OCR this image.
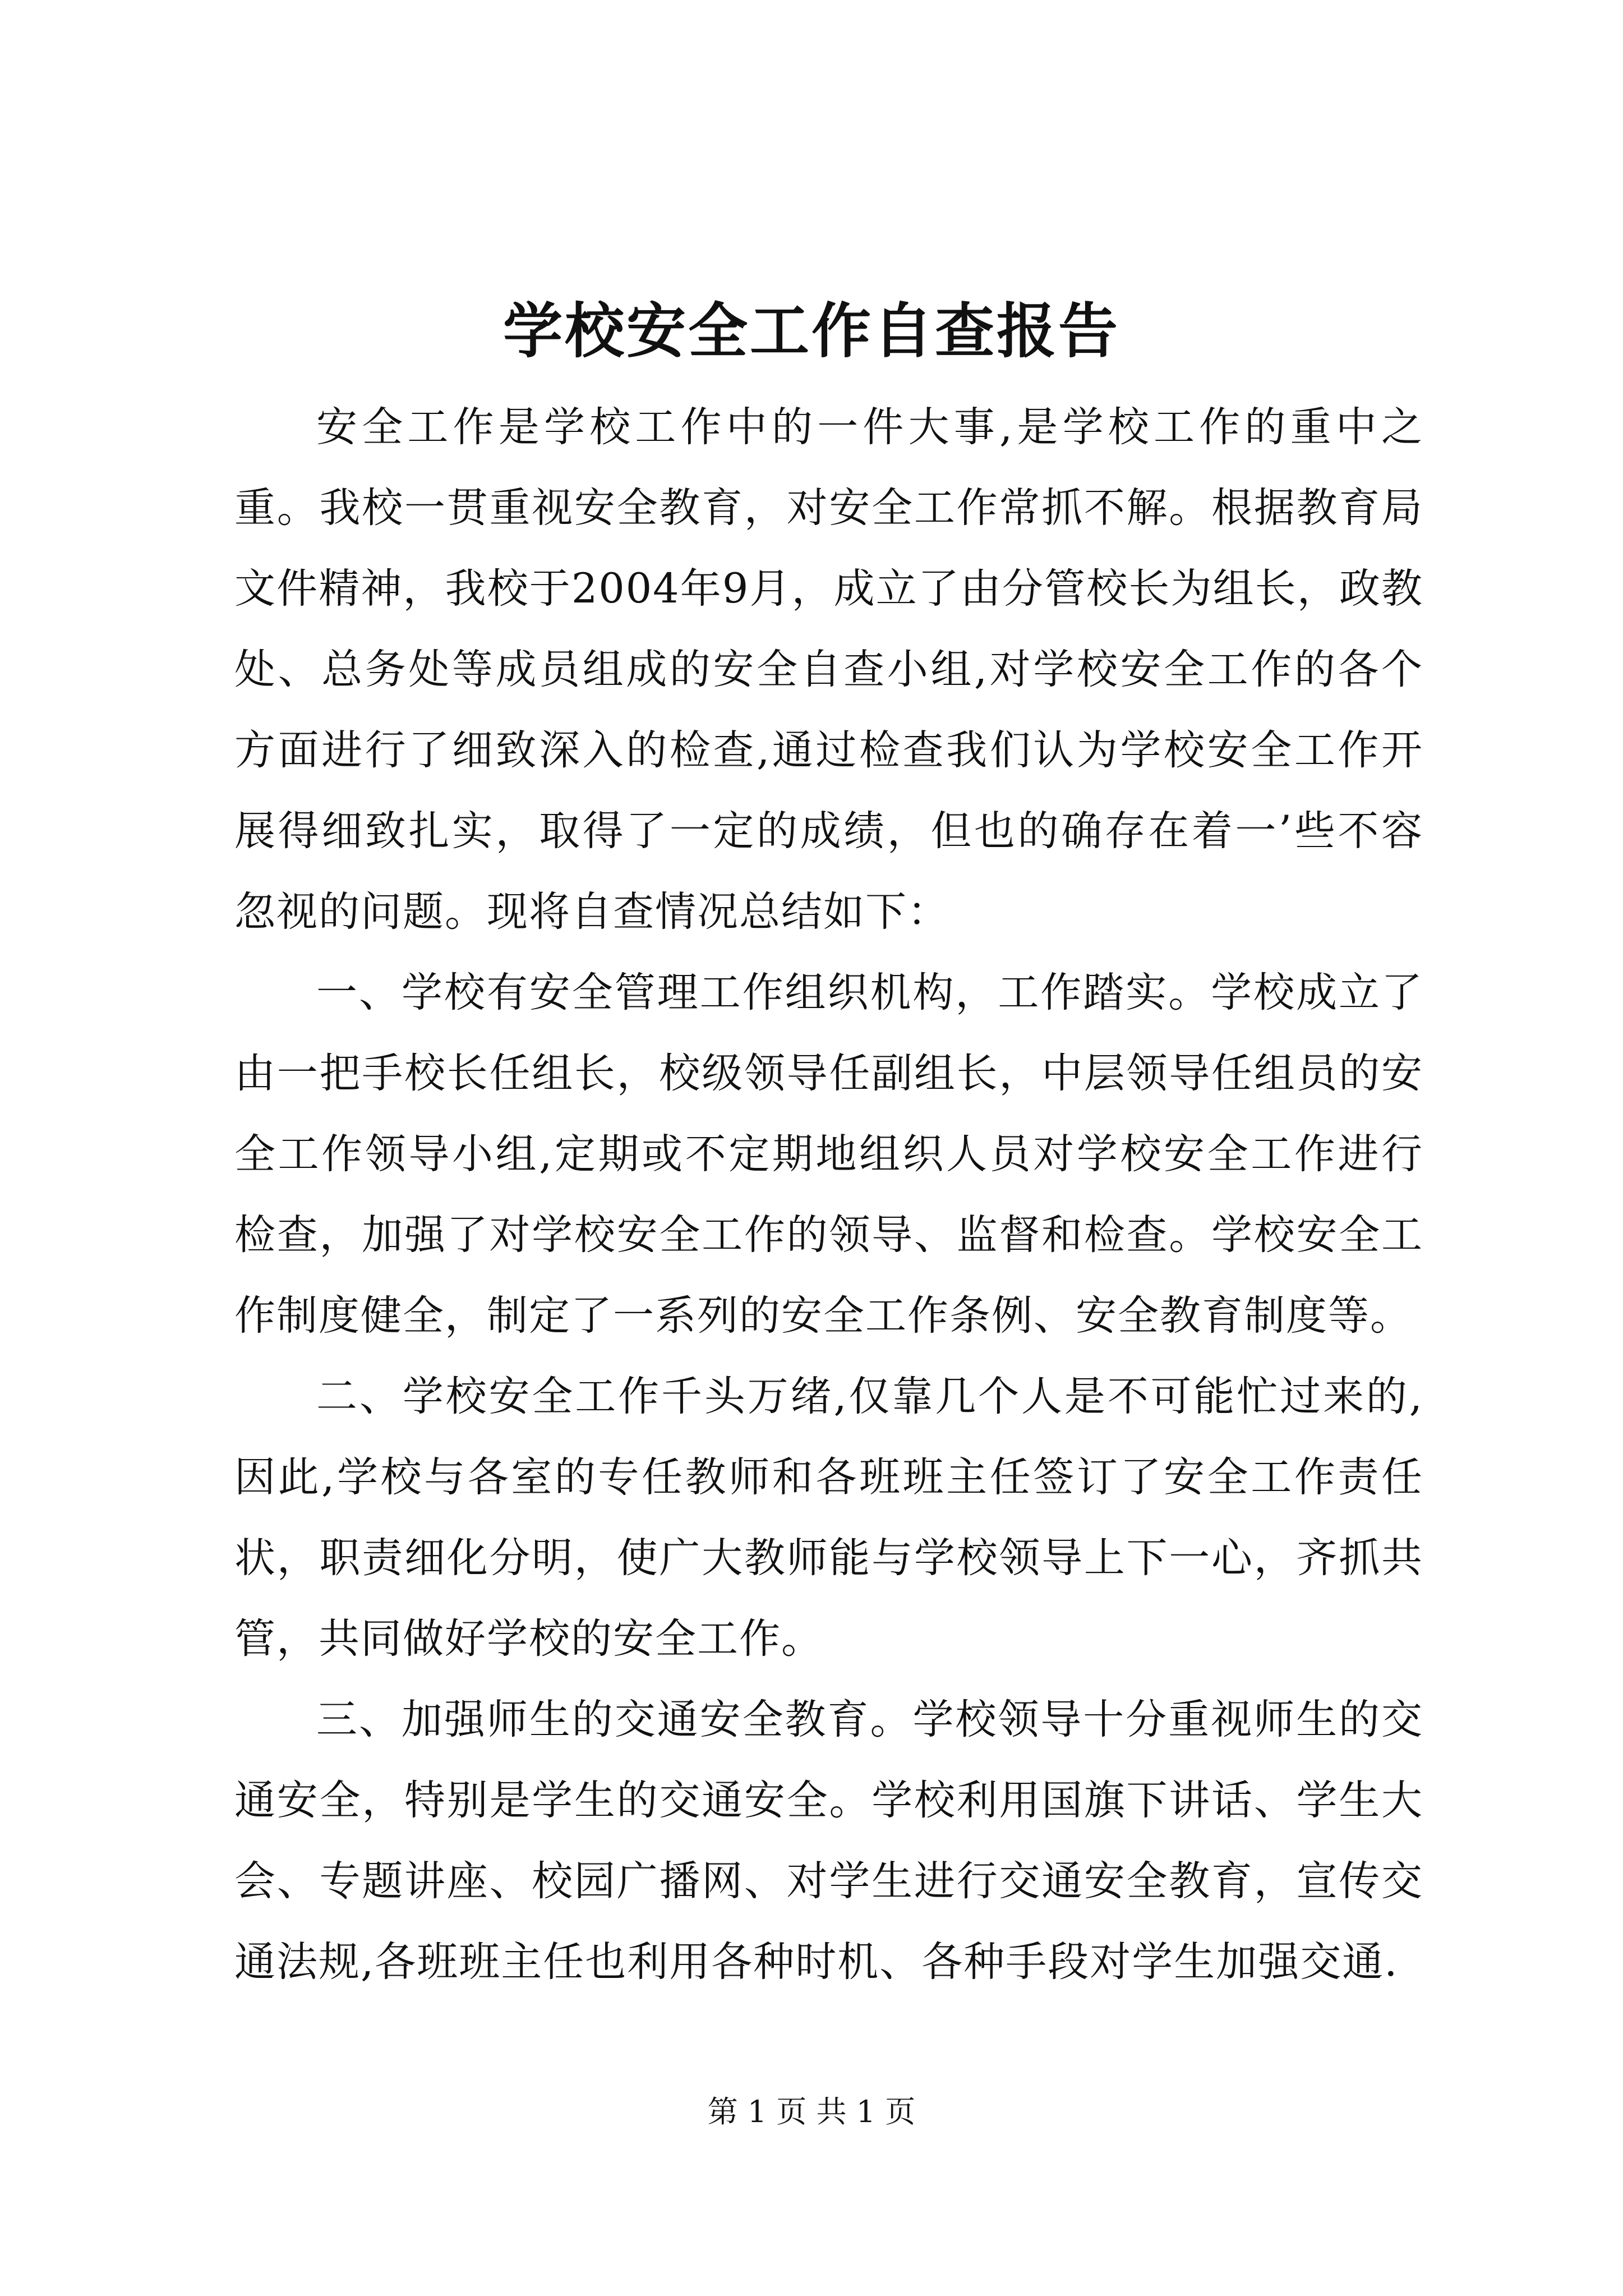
学校安全工作自查报告

安全工作是学校工作中的一件大事,是学校工作的重中之重。我校一贯重视安全教育，对安全工作常抓不解。根据教育局文件精神，我校于2004年9月，成立了由分管校长为组长，政教处、总务处等成员组成的安全自查小组,对学校安全工作的各个方面进行了细致深入的检查,通过检查我们认为学校安全工作开展得细致扎实，取得了一定的成绩，但也的确存在着一’些不容忽视的问题。现将自查情况总结如下：

一、学校有安全管理工作组织机构，工作踏实。学校成立了由一把手校长任组长，校级领导任副组长，中层领导任组员的安全工作领导小组,定期或不定期地组织人员对学校安全工作进行检查，加强了对学校安全工作的领导、监督和检查。学校安全工作制度健全，制定了一系列的安全工作条例、安全教育制度等。

二、学校安全工作千头万绪,仅靠几个人是不可能忙过来的,因此,学校与各室的专任教师和各班班主任签订了安全工作责任状，职责细化分明，使广大教师能与学校领导上下一心，齐抓共管，共同做好学校的安全工作。

三、加强师生的交通安全教育。学校领导十分重视师生的交通安全，特别是学生的交通安全。学校利用国旗下讲话、学生大会、专题讲座、校园广播网、对学生进行交通安全教育，宣传交通法规,各班班主任也利用各种时机、各种手段对学生加强交通.

第 1 页 共 1 页
